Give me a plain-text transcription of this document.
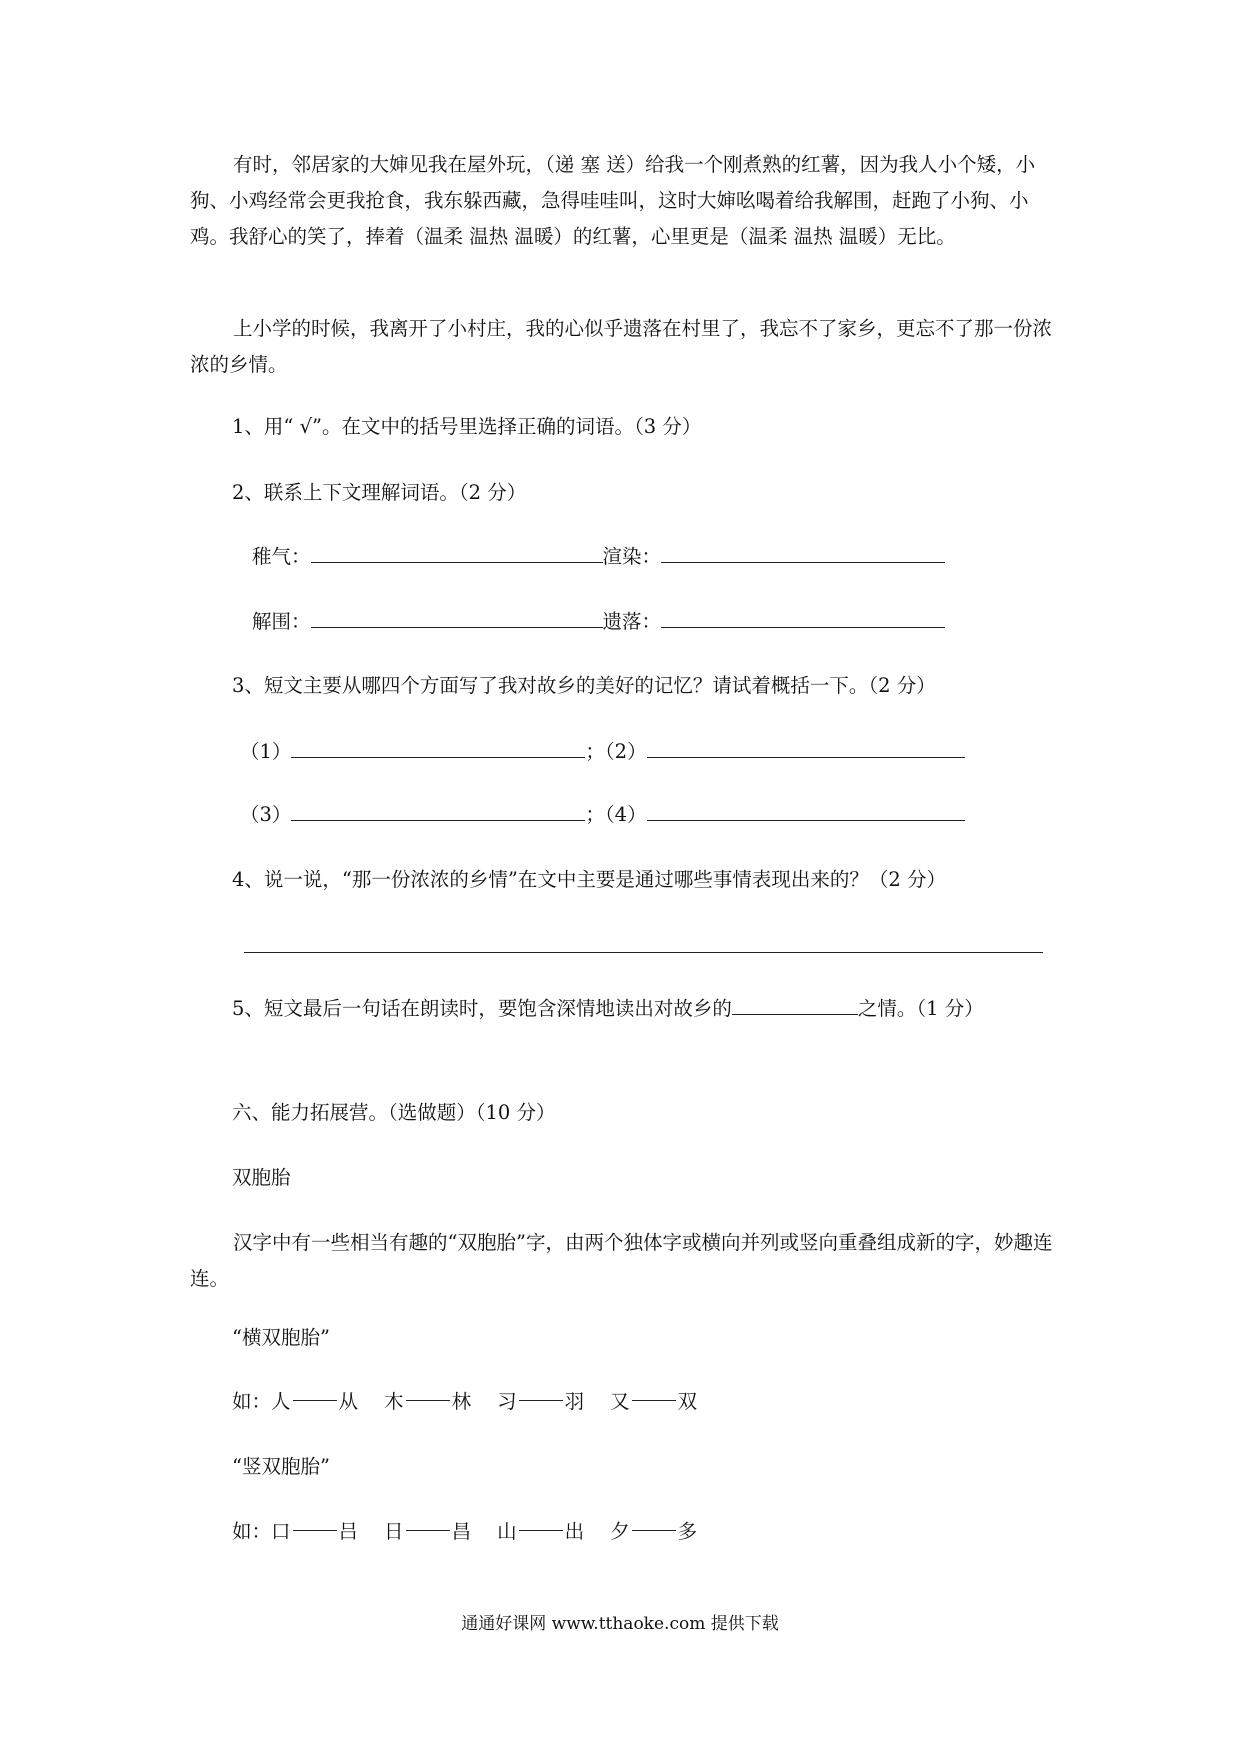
有时，邻居家的大婶见我在屋外玩，（递 塞 送）给我一个刚煮熟的红薯，因为我人小个矮，小狗、小鸡经常会更我抢食，我东躲西藏，急得哇哇叫，这时大婶吆喝着给我解围，赶跑了小狗、小鸡。我舒心的笑了，捧着（温柔 温热 温暖）的红薯，心里更是（温柔 温热 温暖）无比。

上小学的时候，我离开了小村庄，我的心似乎遗落在村里了，我忘不了家乡，更忘不了那一份浓浓的乡情。

1、用“ √”。在文中的括号里选择正确的词语。（3 分）

2、联系上下文理解词语。（2 分）

稚气：	渲染：
解围：	遗落：

3、短文主要从哪四个方面写了我对故乡的美好的记忆？请试着概括一下。（2 分）

（1）	；（2）
（3）	；（4）

4、说一说，“那一份浓浓的乡情”在文中主要是通过哪些事情表现出来的？（2 分）

5、短文最后一句话在朗读时，要饱含深情地读出对故乡的	之情。（1 分）

六、能力拓展营。（选做题）（10 分）

双胞胎

汉字中有一些相当有趣的“双胞胎”字，由两个独体字或横向并列或竖向重叠组成新的字，妙趣连连。

“横双胞胎”

如：人 从 木 林 习 羽 又 双

“竖双胞胎”

如：口 吕 日 昌 山 出 夕 多
通通好课网 www.tthaoke.com 提供下载
